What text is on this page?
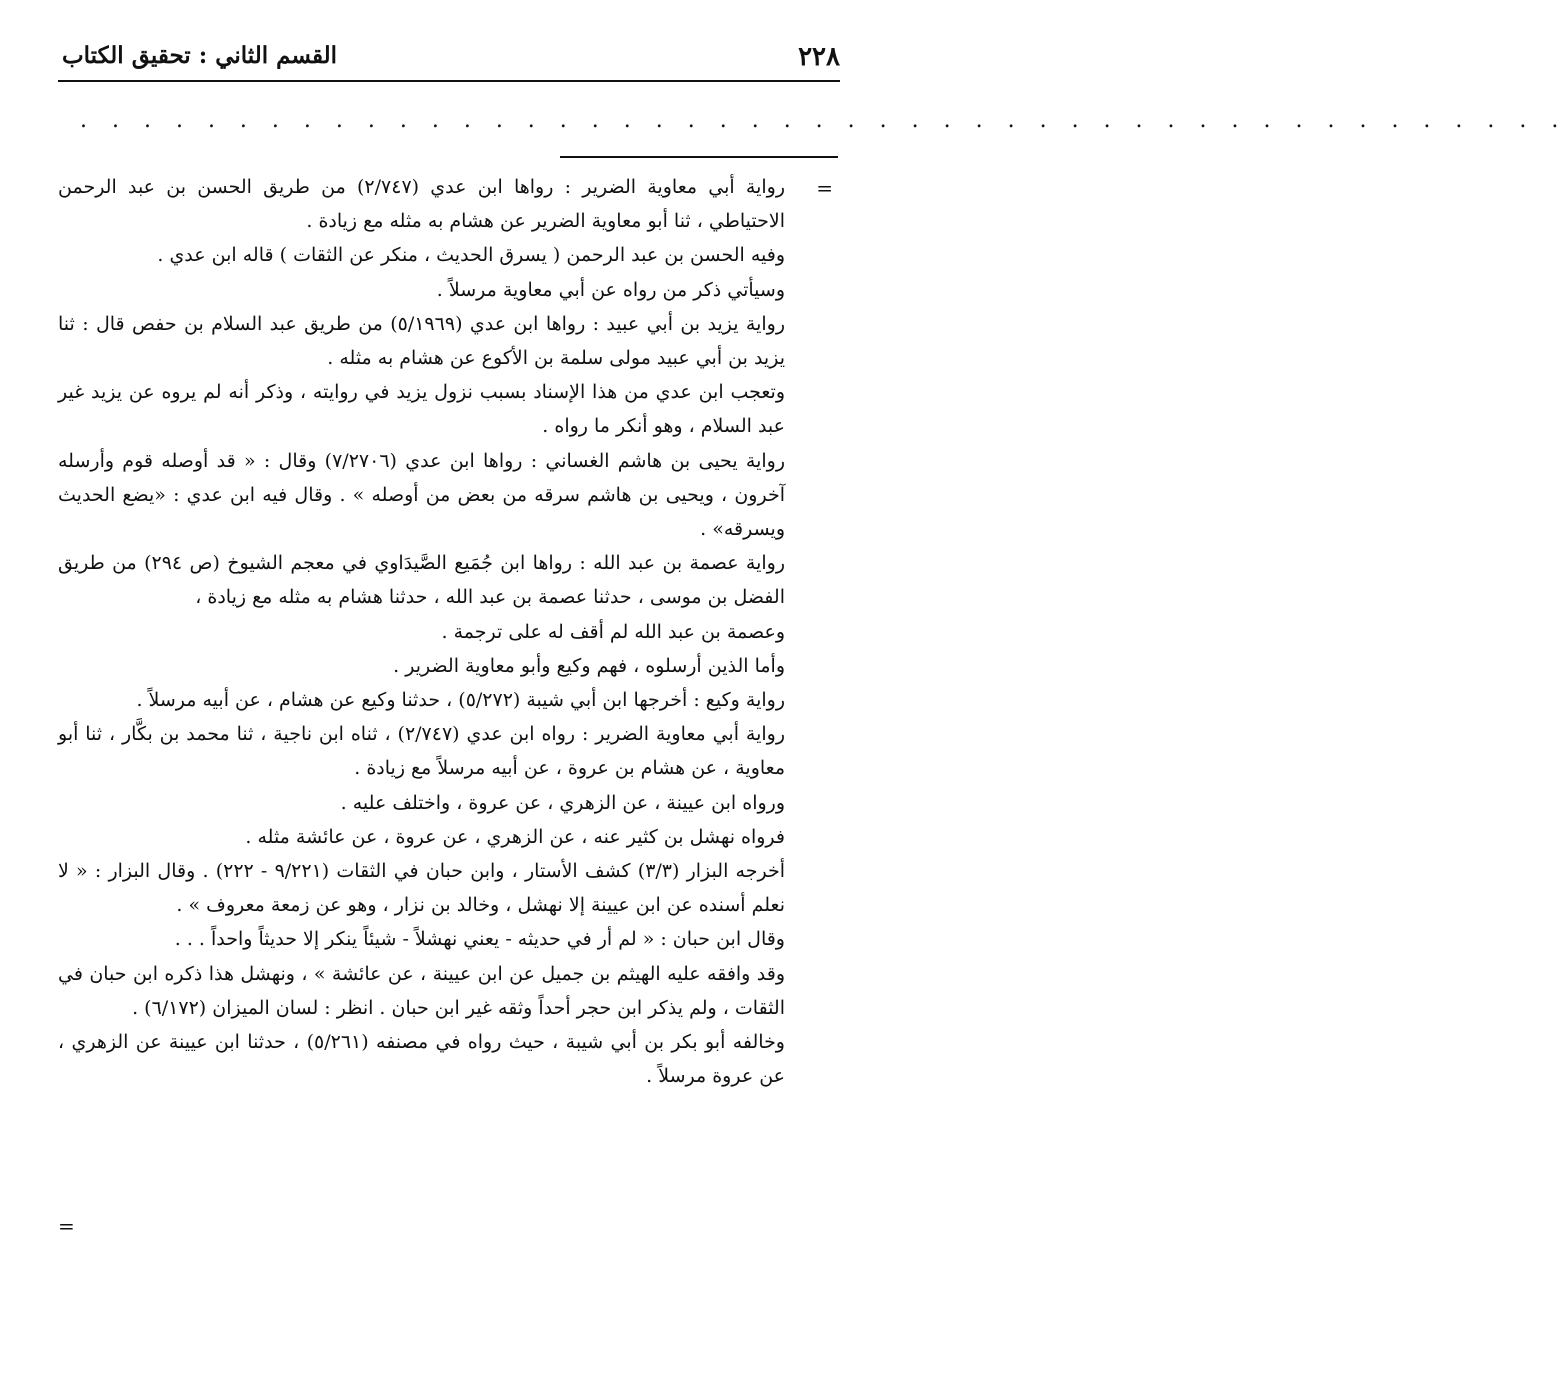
٢٢٨
القسم الثاني : تحقيق الكتاب
. . . . . . . . . . . . . . . . . . . . . . . . . . . . . . . . . . . . . . . . . . . . . . .
=

رواية أبي معاوية الضرير : رواها ابن عدي (٢/٧٤٧) من طريق الحسن بن عبد الرحمن الاحتياطي ، ثنا أبو معاوية الضرير عن هشام به مثله مع زيادة .

وفيه الحسن بن عبد الرحمن ( يسرق الحديث ، منكر عن الثقات ) قاله ابن عدي .

وسيأتي ذكر من رواه عن أبي معاوية مرسلاً .

رواية يزيد بن أبي عبيد : رواها ابن عدي (٥/١٩٦٩) من طريق عبد السلام بن حفص قال : ثنا يزيد بن أبي عبيد مولى سلمة بن الأكوع عن هشام به مثله .

وتعجب ابن عدي من هذا الإسناد بسبب نزول يزيد في روايته ، وذكر أنه لم يروه عن يزيد غير عبد السلام ، وهو أنكر ما رواه .

رواية يحيى بن هاشم الغساني : رواها ابن عدي (٧/٢٧٠٦) وقال : « قد أوصله قوم وأرسله آخرون ، ويحيى بن هاشم سرقه من بعض من أوصله » . وقال فيه ابن عدي : «يضع الحديث ويسرقه» .

رواية عصمة بن عبد الله : رواها ابن جُمَيع الصَّيدَاوي في معجم الشيوخ (ص ٢٩٤) من طريق الفضل بن موسى ، حدثنا عصمة بن عبد الله ، حدثنا هشام به مثله مع زيادة ،

وعصمة بن عبد الله لم أقف له على ترجمة .

وأما الذين أرسلوه ، فهم وكيع وأبو معاوية الضرير .

رواية وكيع : أخرجها ابن أبي شيبة (٥/٢٧٢) ، حدثنا وكيع عن هشام ، عن أبيه مرسلاً .

رواية أبي معاوية الضرير : رواه ابن عدي (٢/٧٤٧) ، ثناه ابن ناجية ، ثنا محمد بن بكَّار ، ثنا أبو معاوية ، عن هشام بن عروة ، عن أبيه مرسلاً مع زيادة .

ورواه ابن عيينة ، عن الزهري ، عن عروة ، واختلف عليه .

فرواه نهشل بن كثير عنه ، عن الزهري ، عن عروة ، عن عائشة مثله .

أخرجه البزار (٣/٣) كشف الأستار ، وابن حبان في الثقات (٩/٢٢١ - ٢٢٢) . وقال البزار : « لا نعلم أسنده عن ابن عيينة إلا نهشل ، وخالد بن نزار ، وهو عن زمعة معروف » .

وقال ابن حبان : « لم أر في حديثه - يعني نهشلاً - شيئاً ينكر إلا حديثاً واحداً . . .

وقد وافقه عليه الهيثم بن جميل عن ابن عيينة ، عن عائشة » ، ونهشل هذا ذكره ابن حبان في الثقات ، ولم يذكر ابن حجر أحداً وثقه غير ابن حبان . انظر : لسان الميزان (٦/١٧٢) .

وخالفه أبو بكر بن أبي شيبة ، حيث رواه في مصنفه (٥/٢٦١) ، حدثنا ابن عيينة عن الزهري ، عن عروة مرسلاً .

=
